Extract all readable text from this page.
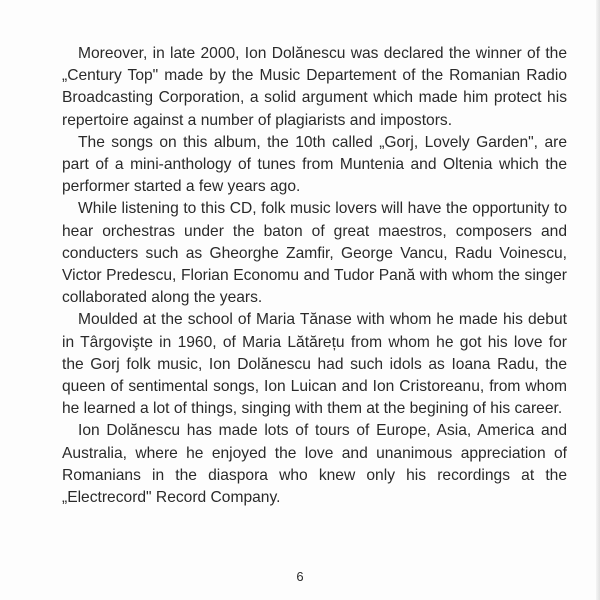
Moreover, in late 2000, Ion Dolănescu was declared the winner of the „Century Top" made by the Music Departement of the Romanian Radio Broadcasting Corporation, a solid argument which made him protect his repertoire against a number of plagiarists and impostors.

The songs on this album, the 10th called „Gorj, Lovely Garden", are part of a mini-anthology of tunes from Muntenia and Oltenia which the performer started a few years ago.

While listening to this CD, folk music lovers will have the opportunity to hear orchestras under the baton of great maestros, composers and conducters such as Gheorghe Zamfir, George Vancu, Radu Voinescu, Victor Predescu, Florian Economu and Tudor Pană with whom the singer collaborated along the years.

Moulded at the school of Maria Tănase with whom he made his debut in Târgovişte in 1960, of Maria Lătărețu from whom he got his love for the Gorj folk music, Ion Dolănescu had such idols as Ioana Radu, the queen of sentimental songs, Ion Luican and Ion Cristoreanu, from whom he learned a lot of things, singing with them at the begining of his career.

Ion Dolănescu has made lots of tours of Europe, Asia, America and Australia, where he enjoyed the love and unanimous appreciation of Romanians in the diaspora who knew only his recordings at the „Electrecord" Record Company.

6
